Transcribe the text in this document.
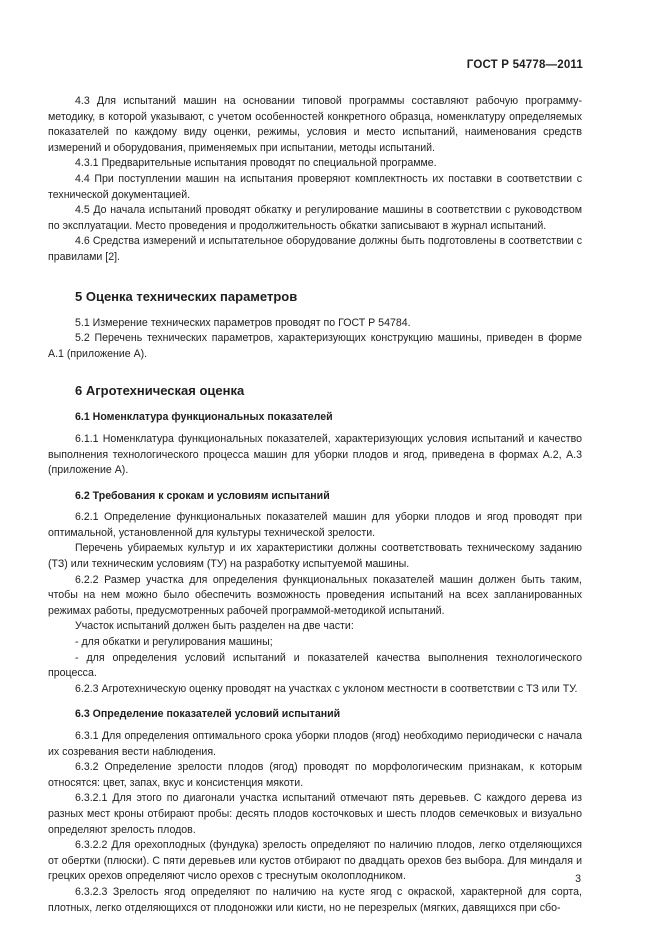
ГОСТ Р 54778—2011

4.3 Для испытаний машин на основании типовой программы составляют рабочую программу-методику, в которой указывают, с учетом особенностей конкретного образца, номенклатуру определяемых показателей по каждому виду оценки, режимы, условия и место испытаний, наименования средств измерений и оборудования, применяемых при испытании, методы испытаний.

4.3.1 Предварительные испытания проводят по специальной программе.

4.4 При поступлении машин на испытания проверяют комплектность их поставки в соответствии с технической документацией.

4.5 До начала испытаний проводят обкатку и регулирование машины в соответствии с руководством по эксплуатации. Место проведения и продолжительность обкатки записывают в журнал испытаний.

4.6 Средства измерений и испытательное оборудование должны быть подготовлены в соответствии с правилами [2].

5 Оценка технических параметров

5.1 Измерение технических параметров проводят по ГОСТ Р 54784.

5.2 Перечень технических параметров, характеризующих конструкцию машины, приведен в форме А.1 (приложение А).

6 Агротехническая оценка

6.1 Номенклатура функциональных показателей

6.1.1 Номенклатура функциональных показателей, характеризующих условия испытаний и качество выполнения технологического процесса машин для уборки плодов и ягод, приведена в формах А.2, А.3 (приложение А).

6.2 Требования к срокам и условиям испытаний

6.2.1 Определение функциональных показателей машин для уборки плодов и ягод проводят при оптимальной, установленной для культуры технической зрелости.

Перечень убираемых культур и их характеристики должны соответствовать техническому заданию (ТЗ) или техническим условиям (ТУ) на разработку испытуемой машины.

6.2.2 Размер участка для определения функциональных показателей машин должен быть таким, чтобы на нем можно было обеспечить возможность проведения испытаний на всех запланированных режимах работы, предусмотренных рабочей программой-методикой испытаний.

Участок испытаний должен быть разделен на две части:

- для обкатки и регулирования машины;

- для определения условий испытаний и показателей качества выполнения технологического процесса.

6.2.3 Агротехническую оценку проводят на участках с уклоном местности в соответствии с ТЗ или ТУ.

6.3 Определение показателей условий испытаний

6.3.1 Для определения оптимального срока уборки плодов (ягод) необходимо периодически с начала их созревания вести наблюдения.

6.3.2 Определение зрелости плодов (ягод) проводят по морфологическим признакам, к которым относятся: цвет, запах, вкус и консистенция мякоти.

6.3.2.1 Для этого по диагонали участка испытаний отмечают пять деревьев. С каждого дерева из разных мест кроны отбирают пробы: десять плодов косточковых и шесть плодов семечковых и визуально определяют зрелость плодов.

6.3.2.2 Для орехоплодных (фундука) зрелость определяют по наличию плодов, легко отделяющихся от обертки (плюски). С пяти деревьев или кустов отбирают по двадцать орехов без выбора. Для миндаля и грецких орехов определяют число орехов с треснутым околоплодником.

6.3.2.3 Зрелость ягод определяют по наличию на кусте ягод с окраской, характерной для сорта, плотных, легко отделяющихся от плодоножки или кисти, но не перезрелых (мягких, давящихся при сбо-

3
